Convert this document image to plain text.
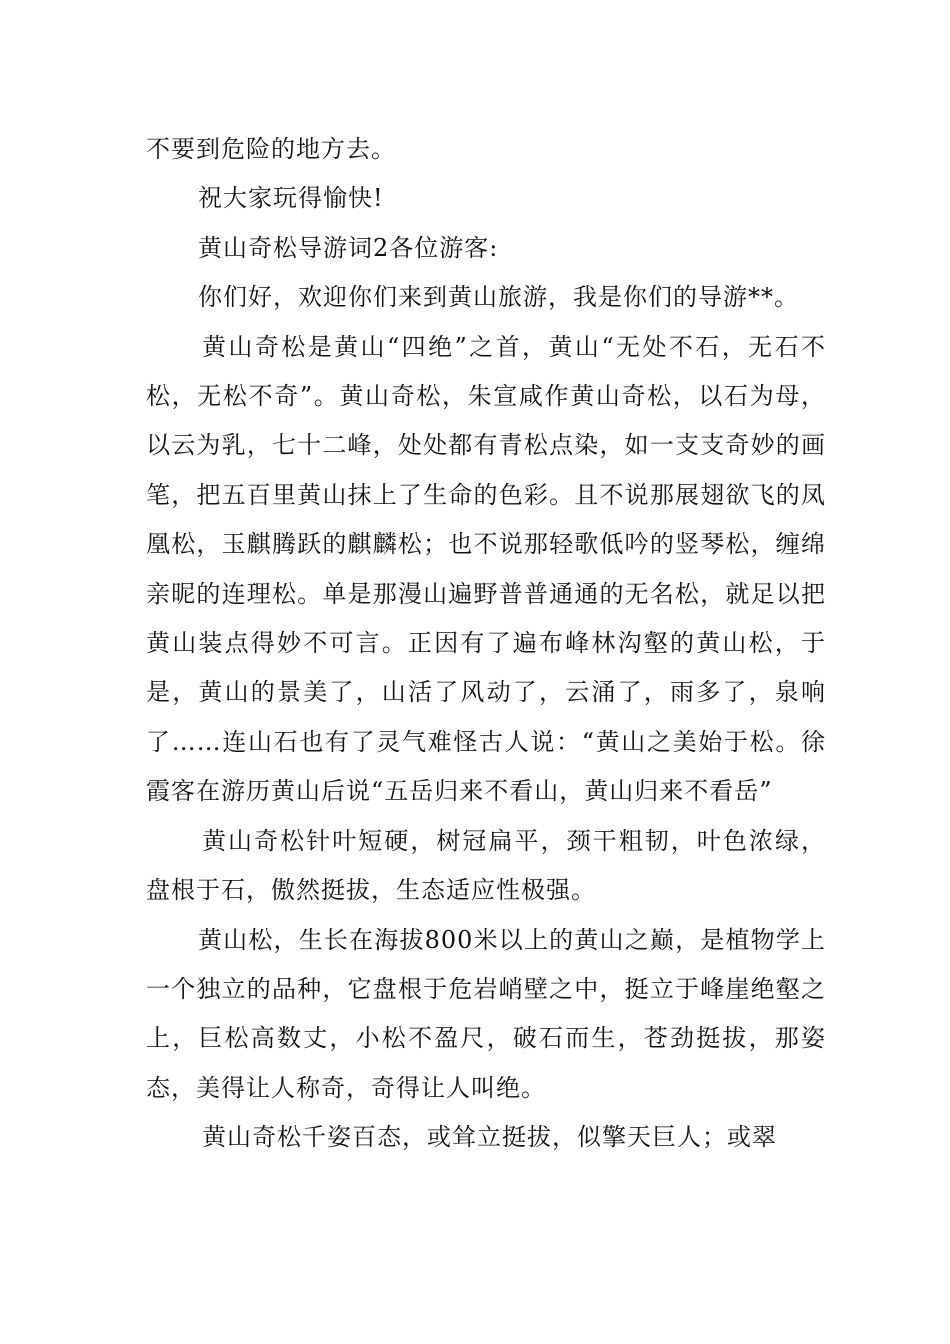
不要到危险的地方去。

祝大家玩得愉快!

黄山奇松导游词2各位游客:

你们好，欢迎你们来到黄山旅游，我是你们的导游**。

黄山奇松是黄山“四绝”之首，黄山“无处不石，无石不松，无松不奇”。黄山奇松，朱宣咸作黄山奇松，以石为母，以云为乳，七十二峰，处处都有青松点染，如一支支奇妙的画笔，把五百里黄山抹上了生命的色彩。且不说那展翅欲飞的凤凰松，玉麒腾跃的麒麟松；也不说那轻歌低吟的竖琴松，缠绵亲昵的连理松。单是那漫山遍野普普通通的无名松，就足以把黄山装点得妙不可言。正因有了遍布峰林沟壑的黄山松，于是，黄山的景美了，山活了风动了，云涌了，雨多了，泉响了……连山石也有了灵气难怪古人说：“黄山之美始于松。徐霞客在游历黄山后说“五岳归来不看山，黄山归来不看岳”

黄山奇松针叶短硬，树冠扁平，颈干粗韧，叶色浓绿，盘根于石，傲然挺拔，生态适应性极强。

黄山松，生长在海拔800米以上的黄山之巅，是植物学上一个独立的品种，它盘根于危岩峭壁之中，挺立于峰崖绝壑之上，巨松高数丈，小松不盈尺，破石而生，苍劲挺拔，那姿态，美得让人称奇，奇得让人叫绝。

黄山奇松千姿百态，或耸立挺拔，似擎天巨人；或翠
